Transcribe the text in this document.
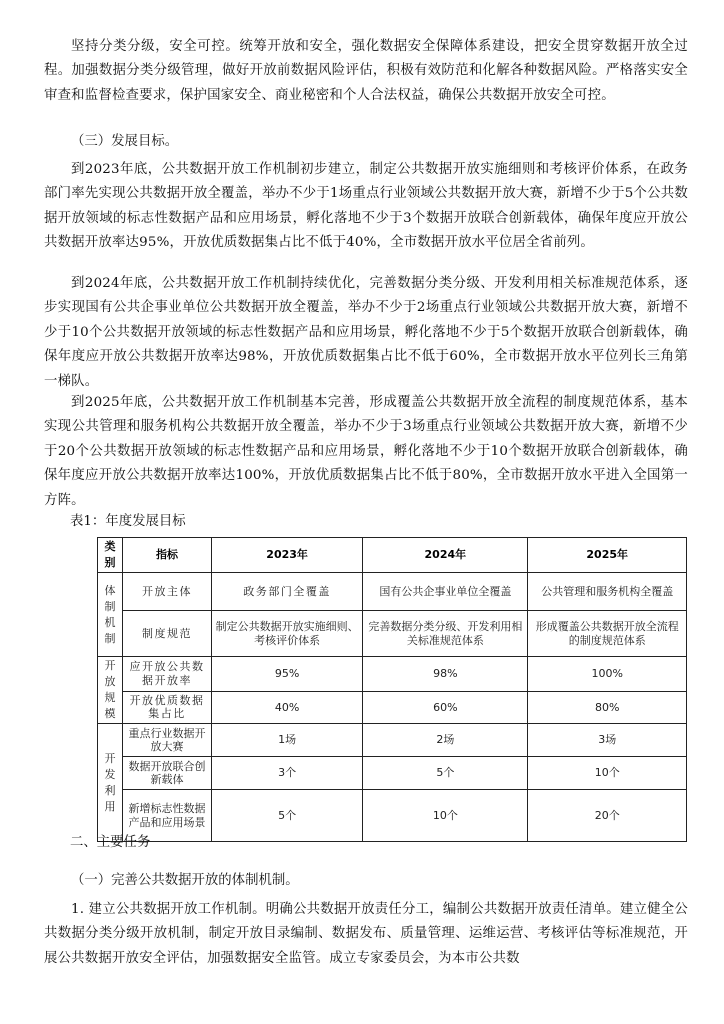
坚持分类分级，安全可控。统筹开放和安全，强化数据安全保障体系建设，把安全贯穿数据开放全过程。加强数据分类分级管理，做好开放前数据风险评估，积极有效防范和化解各种数据风险。严格落实安全审查和监督检查要求，保护国家安全、商业秘密和个人合法权益，确保公共数据开放安全可控。

（三）发展目标。

到2023年底，公共数据开放工作机制初步建立，制定公共数据开放实施细则和考核评价体系，在政务部门率先实现公共数据开放全覆盖，举办不少于1场重点行业领域公共数据开放大赛，新增不少于5个公共数据开放领域的标志性数据产品和应用场景，孵化落地不少于3个数据开放联合创新载体，确保年度应开放公共数据开放率达95%，开放优质数据集占比不低于40%，全市数据开放水平位居全省前列。

到2024年底，公共数据开放工作机制持续优化，完善数据分类分级、开发利用相关标准规范体系，逐步实现国有公共企事业单位公共数据开放全覆盖，举办不少于2场重点行业领域公共数据开放大赛，新增不少于10个公共数据开放领域的标志性数据产品和应用场景，孵化落地不少于5个数据开放联合创新载体，确保年度应开放公共数据开放率达98%，开放优质数据集占比不低于60%，全市数据开放水平位列长三角第一梯队。

到2025年底，公共数据开放工作机制基本完善，形成覆盖公共数据开放全流程的制度规范体系，基本实现公共管理和服务机构公共数据开放全覆盖，举办不少于3场重点行业领域公共数据开放大赛，新增不少于20个公共数据开放领域的标志性数据产品和应用场景，孵化落地不少于10个数据开放联合创新载体，确保年度应开放公共数据开放率达100%，开放优质数据集占比不低于80%，全市数据开放水平进入全国第一方阵。

表1：年度发展目标

类别	指标	2023年	2024年	2025年
体制机制	开放主体	政务部门全覆盖	国有公共企事业单位全覆盖	公共管理和服务机构全覆盖
	制度规范	制定公共数据开放实施细则、考核评价体系	完善数据分类分级、开发利用相关标准规范体系	形成覆盖公共数据开放全流程的制度规范体系
开放规模	应开放公共数据开放率	95%	98%	100%
	开放优质数据集占比	40%	60%	80%
开发利用	重点行业数据开放大赛	1场	2场	3场
	数据开放联合创新载体	3个	5个	10个
	新增标志性数据产品和应用场景	5个	10个	20个

二、主要任务

（一）完善公共数据开放的体制机制。

1. 建立公共数据开放工作机制。明确公共数据开放责任分工，编制公共数据开放责任清单。建立健全公共数据分类分级开放机制，制定开放目录编制、数据发布、质量管理、运维运营、考核评估等标准规范，开展公共数据开放安全评估，加强数据安全监管。成立专家委员会，为本市公共数
